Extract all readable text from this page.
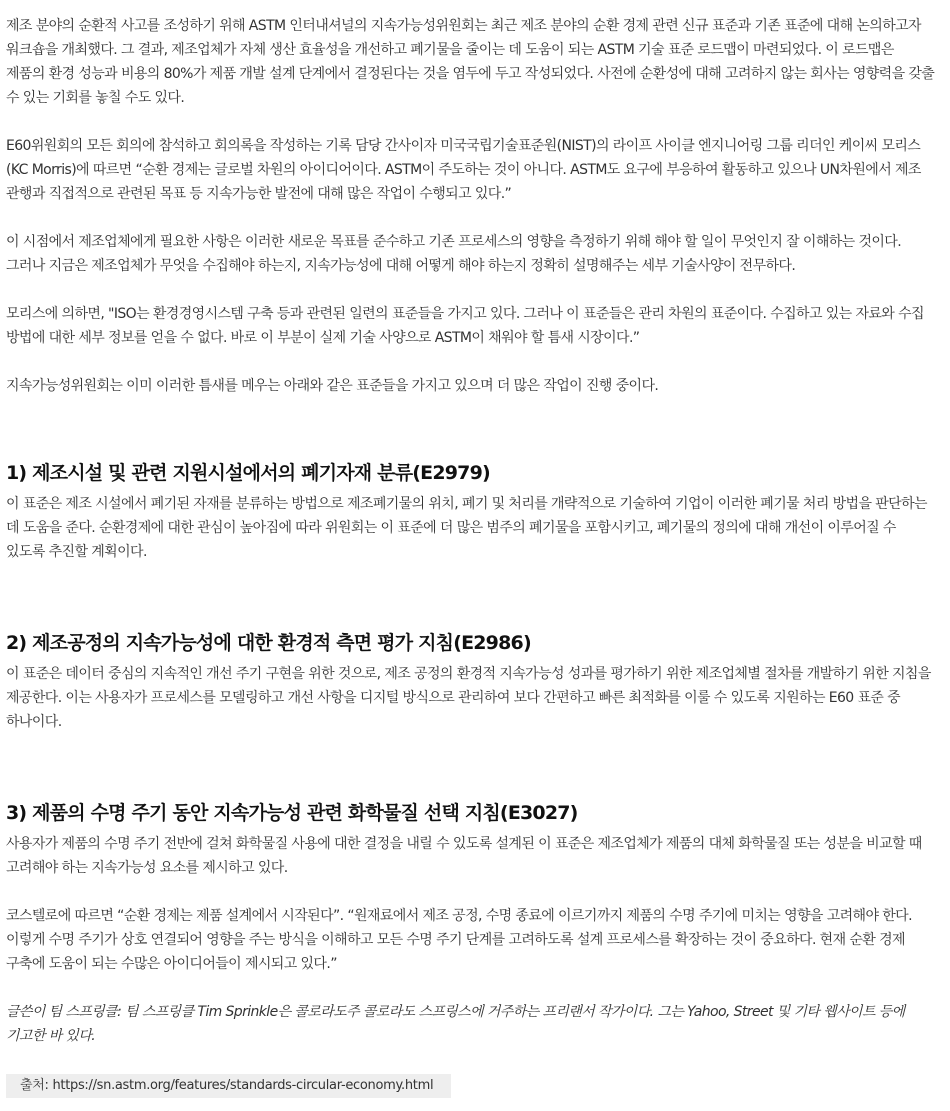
제조 분야의 순환적 사고를 조성하기 위해 ASTM 인터내셔널의 지속가능성위원회는 최근 제조 분야의 순환 경제 관련 신규 표준과 기존 표준에 대해 논의하고자 워크숍을 개최했다. 그 결과, 제조업체가 자체 생산 효율성을 개선하고 폐기물을 줄이는 데 도움이 되는 ASTM 기술 표준 로드맵이 마련되었다. 이 로드맵은 제품의 환경 성능과 비용의 80%가 제품 개발 설계 단계에서 결정된다는 것을 염두에 두고 작성되었다. 사전에 순환성에 대해 고려하지 않는 회사는 영향력을 갖출 수 있는 기회를 놓칠 수도 있다.

E60위원회의 모든 회의에 참석하고 회의록을 작성하는 기록 담당 간사이자 미국국립기술표준원(NIST)의 라이프 사이클 엔지니어링 그룹 리더인 케이씨 모리스(KC Morris)에 따르면 “순환 경제는 글로벌 차원의 아이디어이다. ASTM이 주도하는 것이 아니다. ASTM도 요구에 부응하여 활동하고 있으나 UN차원에서 제조 관행과 직접적으로 관련된 목표 등 지속가능한 발전에 대해 많은 작업이 수행되고 있다.”

이 시점에서 제조업체에게 필요한 사항은 이러한 새로운 목표를 준수하고 기존 프로세스의 영향을 측정하기 위해 해야 할 일이 무엇인지 잘 이해하는 것이다. 그러나 지금은 제조업체가 무엇을 수집해야 하는지, 지속가능성에 대해 어떻게 해야 하는지 정확히 설명해주는 세부 기술사양이 전무하다.

모리스에 의하면, "ISO는 환경경영시스템 구축 등과 관련된 일련의 표준들을 가지고 있다. 그러나 이 표준들은 관리 차원의 표준이다. 수집하고 있는 자료와 수집 방법에 대한 세부 정보를 얻을 수 없다. 바로 이 부분이 실제 기술 사양으로 ASTM이 채워야 할 틈새 시장이다.”

지속가능성위원회는 이미 이러한 틈새를 메우는 아래와 같은 표준들을 가지고 있으며 더 많은 작업이 진행 중이다.

1) 제조시설 및 관련 지원시설에서의 폐기자재 분류(E2979)

이 표준은 제조 시설에서 폐기된 자재를 분류하는 방법으로 제조폐기물의 위치, 폐기 및 처리를 개략적으로 기술하여 기업이 이러한 폐기물 처리 방법을 판단하는 데 도움을 준다. 순환경제에 대한 관심이 높아짐에 따라 위원회는 이 표준에 더 많은 범주의 폐기물을 포함시키고, 폐기물의 정의에 대해 개선이 이루어질 수 있도록 추진할 계획이다.

2) 제조공정의 지속가능성에 대한 환경적 측면 평가 지침(E2986)

이 표준은 데이터 중심의 지속적인 개선 주기 구현을 위한 것으로, 제조 공정의 환경적 지속가능성 성과를 평가하기 위한 제조업체별 절차를 개발하기 위한 지침을 제공한다. 이는 사용자가 프로세스를 모델링하고 개선 사항을 디지털 방식으로 관리하여 보다 간편하고 빠른 최적화를 이룰 수 있도록 지원하는 E60 표준 중 하나이다.

3) 제품의 수명 주기 동안 지속가능성 관련 화학물질 선택 지침(E3027)

사용자가 제품의 수명 주기 전반에 걸쳐 화학물질 사용에 대한 결정을 내릴 수 있도록 설계된 이 표준은 제조업체가 제품의 대체 화학물질 또는 성분을 비교할 때 고려해야 하는 지속가능성 요소를 제시하고 있다.

코스텔로에 따르면 “순환 경제는 제품 설계에서 시작된다”. “원재료에서 제조 공정, 수명 종료에 이르기까지 제품의 수명 주기에 미치는 영향을 고려해야 한다. 이렇게 수명 주기가 상호 연결되어 영향을 주는 방식을 이해하고 모든 수명 주기 단계를 고려하도록 설계 프로세스를 확장하는 것이 중요하다. 현재 순환 경제 구축에 도움이 되는 수많은 아이디어들이 제시되고 있다.”

글쓴이 팀 스프링클: 팀 스프링클 Tim Sprinkle은 콜로라도주 콜로라도 스프링스에 거주하는 프리랜서 작가이다. 그는 Yahoo, Street 및 기타 웹사이트 등에 기고한 바 있다.

출처: https://sn.astm.org/features/standards-circular-economy.html
